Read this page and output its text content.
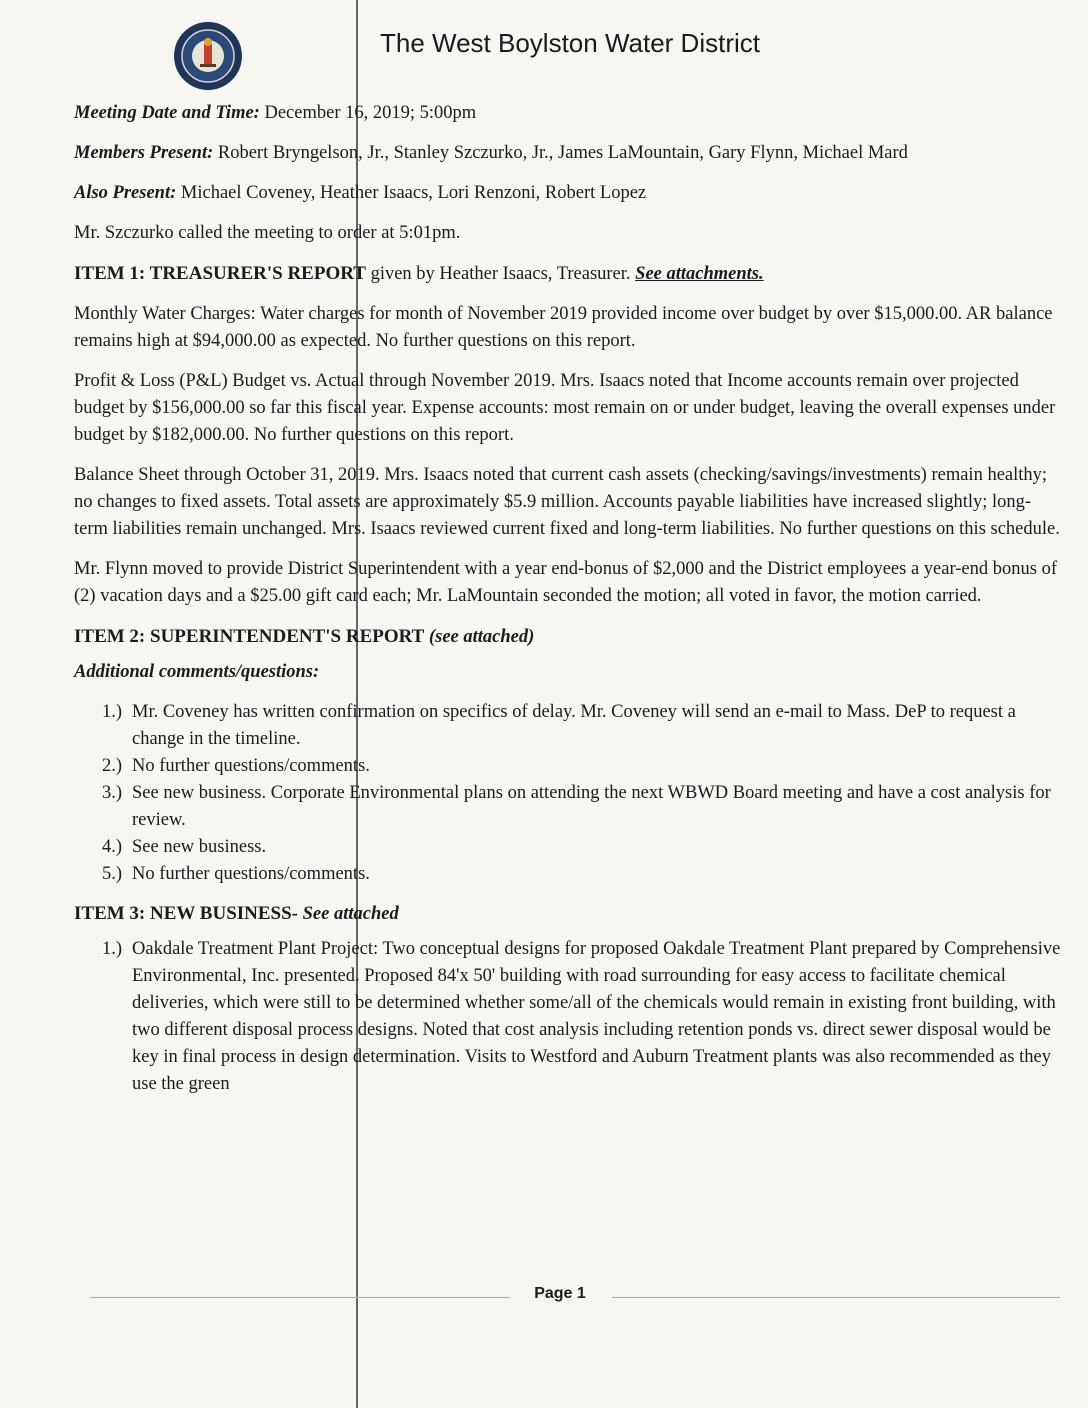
The West Boylston Water District

Meeting Date and Time: December 16, 2019; 5:00pm

Members Present: Robert Bryngelson, Jr., Stanley Szczurko, Jr., James LaMountain, Gary Flynn, Michael Mard

Also Present: Michael Coveney, Heather Isaacs, Lori Renzoni, Robert Lopez

Mr. Szczurko called the meeting to order at 5:01pm.

ITEM 1: TREASURER'S REPORT given by Heather Isaacs, Treasurer. See attachments.

Monthly Water Charges: Water charges for month of November 2019 provided income over budget by over $15,000.00. AR balance remains high at $94,000.00 as expected. No further questions on this report.

Profit & Loss (P&L) Budget vs. Actual through November 2019. Mrs. Isaacs noted that Income accounts remain over projected budget by $156,000.00 so far this fiscal year. Expense accounts: most remain on or under budget, leaving the overall expenses under budget by $182,000.00. No further questions on this report.

Balance Sheet through October 31, 2019. Mrs. Isaacs noted that current cash assets (checking/savings/investments) remain healthy; no changes to fixed assets. Total assets are approximately $5.9 million. Accounts payable liabilities have increased slightly; long-term liabilities remain unchanged. Mrs. Isaacs reviewed current fixed and long-term liabilities. No further questions on this schedule.

Mr. Flynn moved to provide District Superintendent with a year end-bonus of $2,000 and the District employees a year-end bonus of (2) vacation days and a $25.00 gift card each; Mr. LaMountain seconded the motion; all voted in favor, the motion carried.

ITEM 2: SUPERINTENDENT'S REPORT (see attached)

Additional comments/questions:

1.) Mr. Coveney has written confirmation on specifics of delay. Mr. Coveney will send an e-mail to Mass. DeP to request a change in the timeline.
2.) No further questions/comments.
3.) See new business. Corporate Environmental plans on attending the next WBWD Board meeting and have a cost analysis for review.
4.) See new business.
5.) No further questions/comments.

ITEM 3: NEW BUSINESS- See attached

1.) Oakdale Treatment Plant Project: Two conceptual designs for proposed Oakdale Treatment Plant prepared by Comprehensive Environmental, Inc. presented. Proposed 84'x 50' building with road surrounding for easy access to facilitate chemical deliveries, which were still to be determined whether some/all of the chemicals would remain in existing front building, with two different disposal process designs. Noted that cost analysis including retention ponds vs. direct sewer disposal would be key in final process in design determination. Visits to Westford and Auburn Treatment plants was also recommended as they use the green
Page 1
